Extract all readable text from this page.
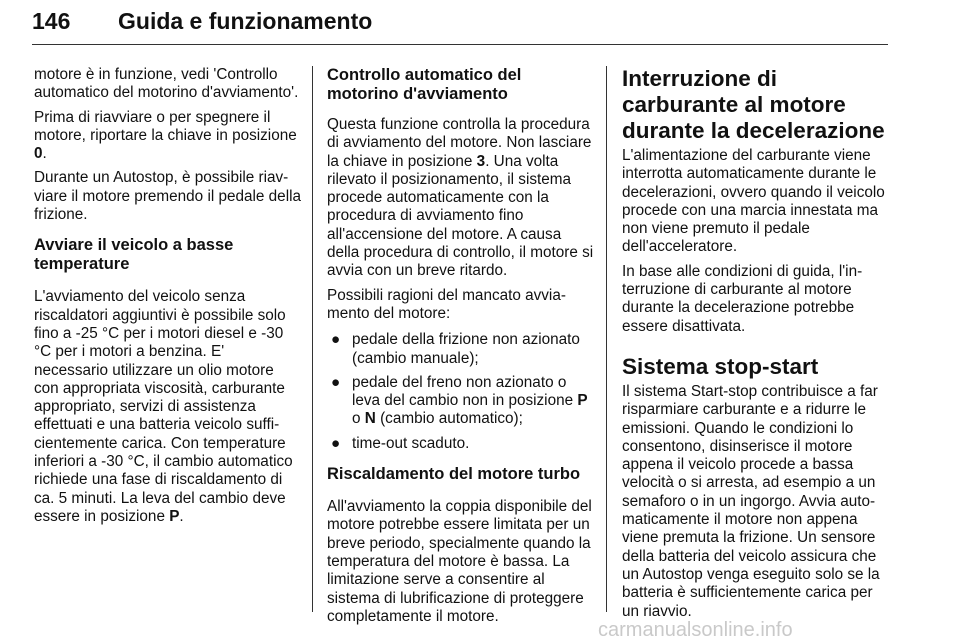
146 Guida e funzionamento

motore è in funzione, vedi 'Controllo automatico del motorino d'avviamento'.

Prima di riavviare o per spegnere il motore, riportare la chiave in posizione 0.

Durante un Autostop, è possibile riavviare il motore premendo il pedale della frizione.

Avviare il veicolo a basse temperature

L'avviamento del veicolo senza riscaldatori aggiuntivi è possibile solo fino a -25 °C per i motori diesel e -30 °C per i motori a benzina. E' necessario utilizzare un olio motore con appropriata viscosità, carburante appropriato, servizi di assistenza effettuati e una batteria veicolo sufficientemente carica. Con temperature inferiori a -30 °C, il cambio automatico richiede una fase di riscaldamento di ca. 5 minuti. La leva del cambio deve essere in posizione P.

Controllo automatico del motorino d'avviamento

Questa funzione controlla la procedura di avviamento del motore. Non lasciare la chiave in posizione 3. Una volta rilevato il posizionamento, il sistema procede automaticamente con la procedura di avviamento fino all'accensione del motore. A causa della procedura di controllo, il motore si avvia con un breve ritardo.

Possibili ragioni del mancato avviamento del motore:

● pedale della frizione non azionato (cambio manuale);
● pedale del freno non azionato o leva del cambio non in posizione P o N (cambio automatico);
● time-out scaduto.
Riscaldamento del motore turbo

All'avviamento la coppia disponibile del motore potrebbe essere limitata per un breve periodo, specialmente quando la temperatura del motore è bassa. La limitazione serve a consentire al sistema di lubrificazione di proteggere completamente il motore.

Interruzione di carburante al motore durante la decelerazione

L'alimentazione del carburante viene interrotta automaticamente durante le decelerazioni, ovvero quando il veicolo procede con una marcia innestata ma non viene premuto il pedale dell'acceleratore.

In base alle condizioni di guida, l'interruzione di carburante al motore durante la decelerazione potrebbe essere disattivata.

Sistema stop-start

Il sistema Start-stop contribuisce a far risparmiare carburante e a ridurre le emissioni. Quando le condizioni lo consentono, disinserisce il motore appena il veicolo procede a bassa velocità o si arresta, ad esempio a un semaforo o in un ingorgo. Avvia automaticamente il motore non appena viene premuta la frizione. Un sensore della batteria del veicolo assicura che un Autostop venga eseguito solo se la batteria è sufficientemente carica per un riavvio.

carmanualsonline.info
